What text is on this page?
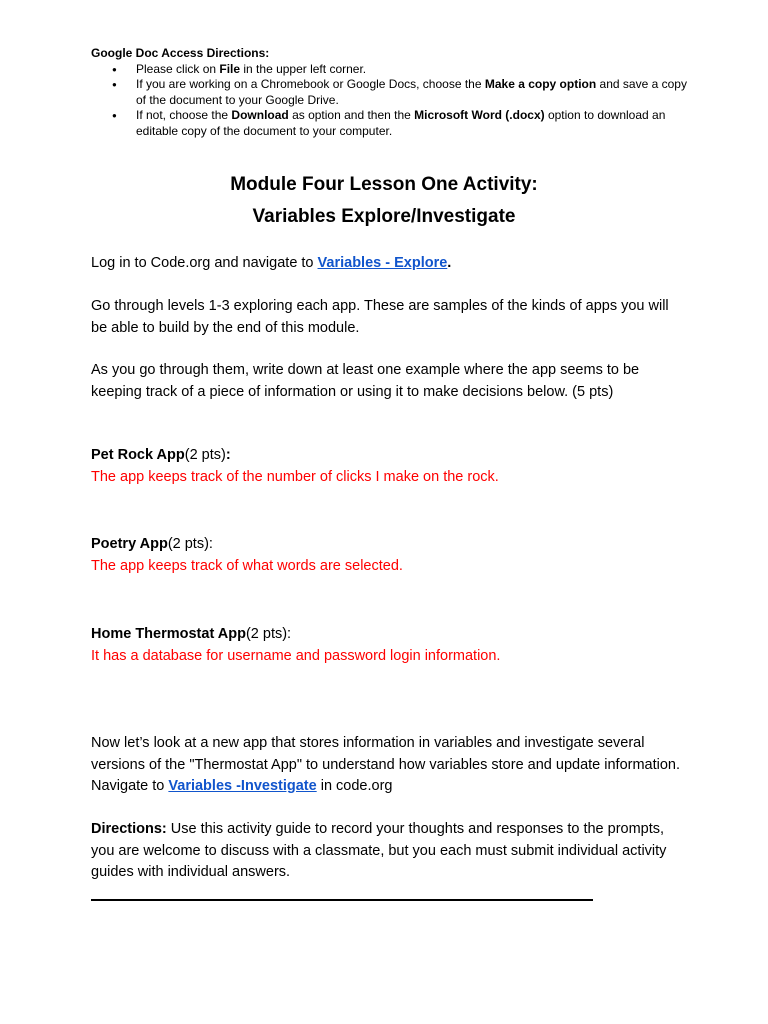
Google Doc Access Directions:
● Please click on File in the upper left corner.
● If you are working on a Chromebook or Google Docs, choose the Make a copy option and save a copy of the document to your Google Drive.
● If not, choose the Download as option and then the Microsoft Word (.docx) option to download an editable copy of the document to your computer.
Module Four Lesson One Activity:
Variables Explore/Investigate
Log in to Code.org and navigate to Variables - Explore.
Go through levels 1-3 exploring each app. These are samples of the kinds of apps you will be able to build by the end of this module.
As you go through them, write down at least one example where the app seems to be keeping track of a piece of information or using it to make decisions below. (5 pts)
Pet Rock App(2 pts):
The app keeps track of the number of clicks I make on the rock.
Poetry App(2 pts):
The app keeps track of what words are selected.
Home Thermostat App(2 pts):
It has a database for username and password login information.
Now let’s look at a new app that stores information in variables and investigate several versions of the "Thermostat App" to understand how variables store and update information. Navigate to Variables -Investigate in code.org
Directions: Use this activity guide to record your thoughts and responses to the prompts, you are welcome to discuss with a classmate, but you each must submit individual activity guides with individual answers.
